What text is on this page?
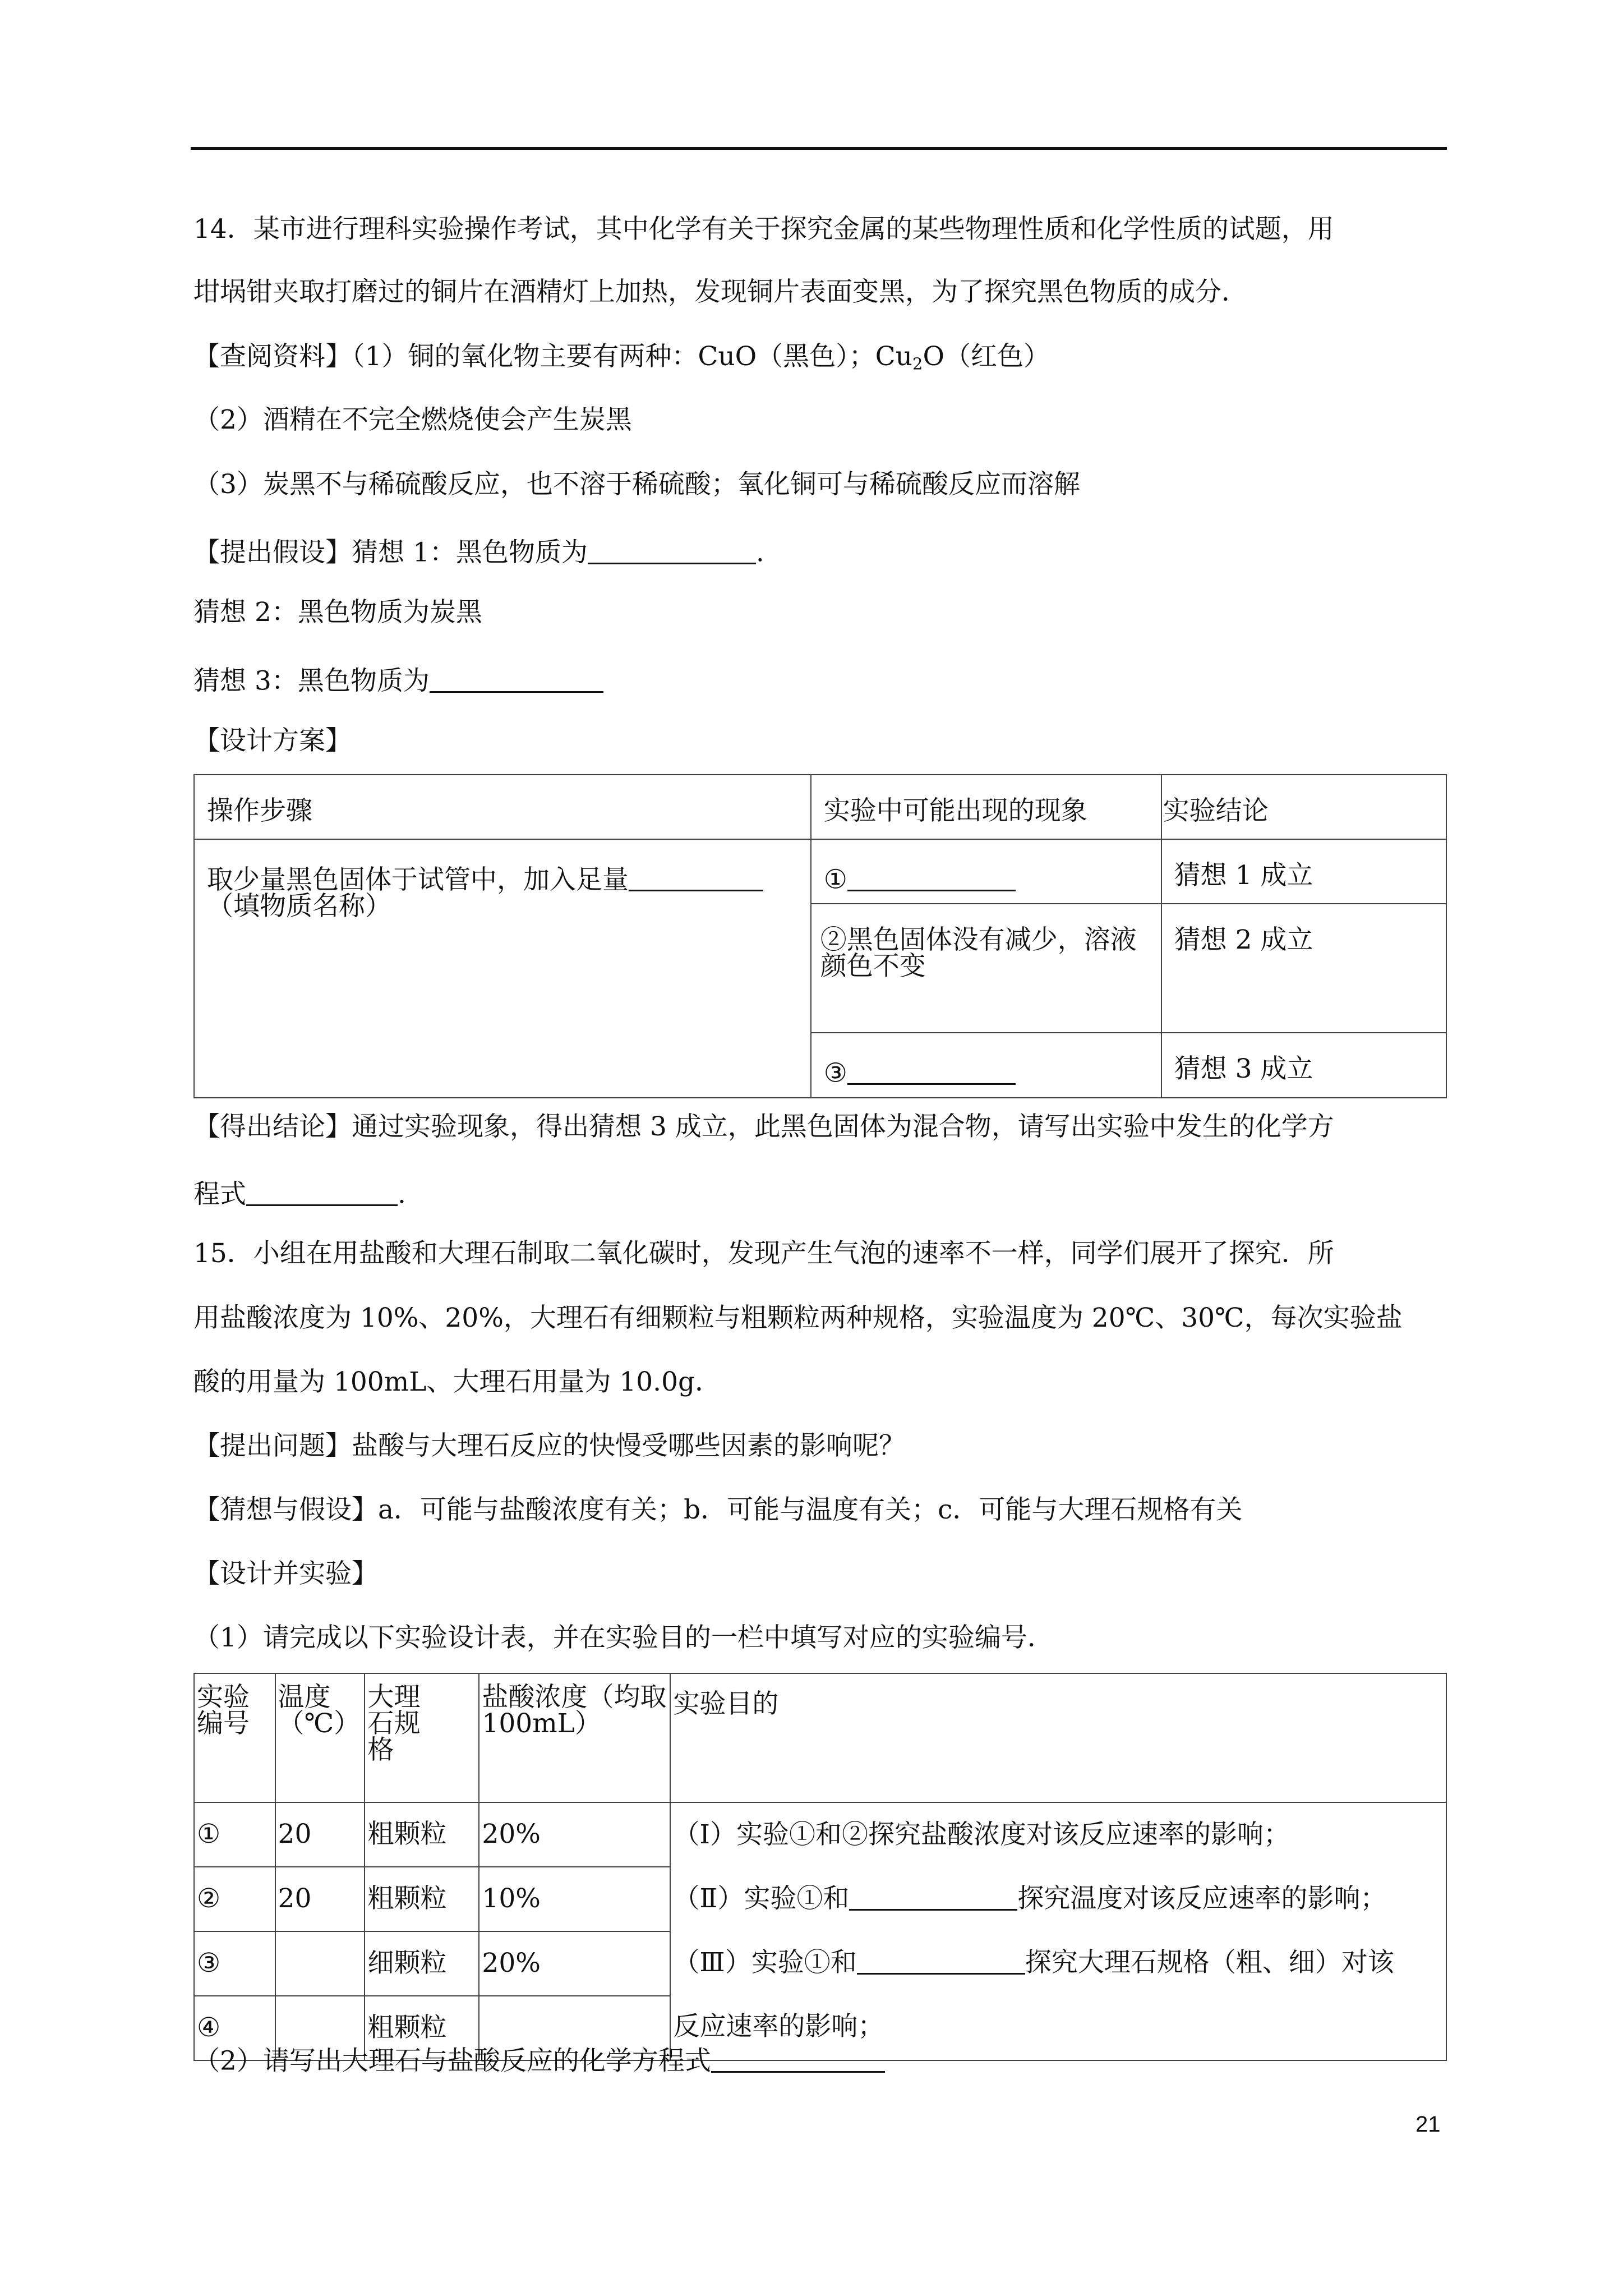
14．某市进行理科实验操作考试，其中化学有关于探究金属的某些物理性质和化学性质的试题，用
坩埚钳夹取打磨过的铜片在酒精灯上加热，发现铜片表面变黑，为了探究黑色物质的成分．
【查阅资料】（1）铜的氧化物主要有两种：CuO（黑色）；$Cu_2O$（红色）
（2）酒精在不完全燃烧使会产生炭黑
（3）炭黑不与稀硫酸反应，也不溶于稀硫酸；氧化铜可与稀硫酸反应而溶解
【提出假设】猜想 1：黑色物质为	.
猜想 2：黑色物质为炭黑
猜想 3：黑色物质为
【设计方案】
操作步骤	实验中可能出现的现象	实验结论

取少量黑色固体于试管中，加入足量
（填物质名称）	①	猜想 1 成立

	②黑色固体没有减少，溶液颜色不变	猜想 2 成立

	③	猜想 3 成立
【得出结论】通过实验现象，得出猜想 3 成立，此黑色固体为混合物，请写出实验中发生的化学方
程式	.
15．小组在用盐酸和大理石制取二氧化碳时，发现产生气泡的速率不一样，同学们展开了探究．所
用盐酸浓度为 10%、20%，大理石有细颗粒与粗颗粒两种规格，实验温度为 20℃、30℃，每次实验盐
酸的用量为 100mL、大理石用量为 10.0g．
【提出问题】盐酸与大理石反应的快慢受哪些因素的影响呢？
【猜想与假设】a．可能与盐酸浓度有关；b．可能与温度有关；c．可能与大理石规格有关
【设计并实验】
（1）请完成以下实验设计表，并在实验目的一栏中填写对应的实验编号．
实验编号	温度（℃）	大理石规格	盐酸浓度（均取 100mL）	实验目的

①	20	粗颗粒	20%	（Ⅰ）实验①和②探究盐酸浓度对该反应速率的影响；
（Ⅱ）实验①和 探究温度对该反应速率的影响；
（Ⅲ）实验①和 探究大理石规格（粗、细）对该
反应速率的影响；

②	20	粗颗粒	10%	

③		细颗粒	20%	

④		粗颗粒		

（2）请写出大理石与盐酸反应的化学方程式
21
